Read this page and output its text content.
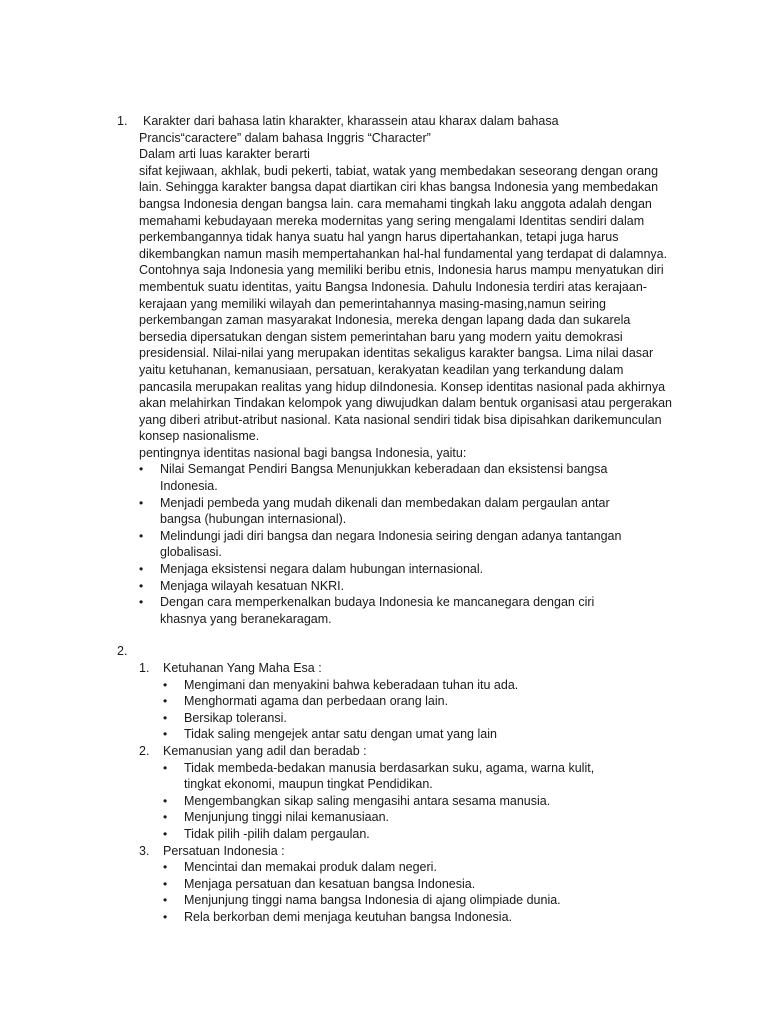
1.	Karakter dari bahasa latin kharakter, kharassein atau kharax dalam bahasa
Prancis“caractere” dalam bahasa Inggris “Character”
Dalam arti luas karakter berarti
sifat kejiwaan, akhlak, budi pekerti, tabiat, watak yang membedakan seseorang dengan orang lain. Sehingga karakter bangsa dapat diartikan ciri khas bangsa Indonesia yang membedakan bangsa Indonesia dengan bangsa lain. cara memahami tingkah laku anggota adalah dengan memahami kebudayaan mereka modernitas yang sering mengalami Identitas sendiri dalam perkembangannya tidak hanya suatu hal yangn harus dipertahankan, tetapi juga harus dikembangkan namun masih mempertahankan hal-hal fundamental yang terdapat di dalamnya. Contohnya saja Indonesia yang memiliki beribu etnis, Indonesia harus mampu menyatukan diri membentuk suatu identitas, yaitu Bangsa Indonesia. Dahulu Indonesia terdiri atas kerajaan-kerajaan yang memiliki wilayah dan pemerintahannya masing-masing,namun seiring perkembangan zaman masyarakat Indonesia, mereka dengan lapang dada dan sukarela bersedia dipersatukan dengan sistem pemerintahan baru yang modern yaitu demokrasi presidensial. Nilai-nilai yang merupakan identitas sekaligus karakter bangsa. Lima nilai dasar yaitu ketuhanan, kemanusiaan, persatuan, kerakyatan keadilan yang terkandung dalam pancasila merupakan realitas yang hidup diIndonesia. Konsep identitas nasional pada akhirnya akan melahirkan Tindakan kelompok yang diwujudkan dalam bentuk organisasi atau pergerakan yang diberi atribut-atribut nasional. Kata nasional sendiri tidak bisa dipisahkan darikemunculan konsep nasionalisme.
pentingnya identitas nasional bagi bangsa Indonesia, yaitu:
• Nilai Semangat Pendiri Bangsa Menunjukkan keberadaan dan eksistensi bangsa Indonesia.
• Menjadi pembeda yang mudah dikenali dan membedakan dalam pergaulan antar bangsa (hubungan internasional).
• Melindungi jadi diri bangsa dan negara Indonesia seiring dengan adanya tantangan globalisasi.
• Menjaga eksistensi negara dalam hubungan internasional.
• Menjaga wilayah kesatuan NKRI.
• Dengan cara memperkenalkan budaya Indonesia ke mancanegara dengan ciri khasnya yang beranekaragam.
2.
1. Ketuhanan Yang Maha Esa :
• Mengimani dan menyakini bahwa keberadaan tuhan itu ada.
• Menghormati agama dan perbedaan orang lain.
• Bersikap toleransi.
• Tidak saling mengejek antar satu dengan umat yang lain
2. Kemanusian yang adil dan beradab :
• Tidak membeda-bedakan manusia berdasarkan suku, agama, warna kulit, tingkat ekonomi, maupun tingkat Pendidikan.
• Mengembangkan sikap saling mengasihi antara sesama manusia.
• Menjunjung tinggi nilai kemanusiaan.
• Tidak pilih -pilih dalam pergaulan.
3. Persatuan Indonesia :
• Mencintai dan memakai produk dalam negeri.
• Menjaga persatuan dan kesatuan bangsa Indonesia.
• Menjunjung tinggi nama bangsa Indonesia di ajang olimpiade dunia.
• Rela berkorban demi menjaga keutuhan bangsa Indonesia.
